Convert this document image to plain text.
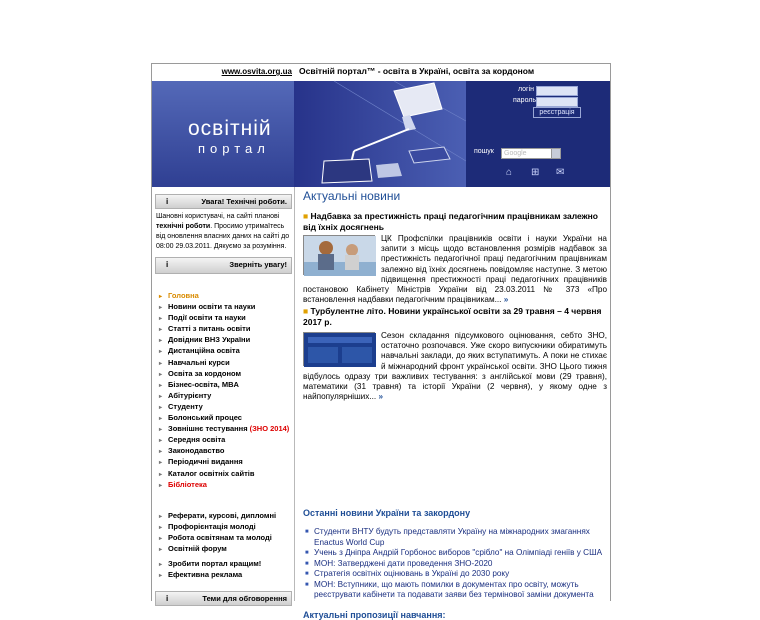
www.osvita.org.ua Освітній портал™ - освіта в Україні, освіта за кордоном
освітній
портал
логін
пароль
реєстрація
пошук	Google
⌂ ⊞ ✉
i	Увага! Технічні роботи.
Шановні користувачі, на сайті планові технічні роботи. Просимо утримаїтесь від оновлення власних даних на сайті до 08:00 29.03.2011. Дякуємо за розуміння.
i	Зверніть увагу!
▸ Головна
▸ Новини освіти та науки
▸ Події освіти та науки
▸ Статті з питань освіти
▸ Довідник ВНЗ України
▸ Дистанційна освіта
▸ Навчальні курси
▸ Освіта за кордоном
▸ Бізнес-освіта, MBA
▸ Абітурієнту
▸ Студенту
▸ Болонський процес
▸ Зовнішнє тестування (ЗНО 2014)
▸ Середня освіта
▸ Законодавство
▸ Періодичні видання
▸ Каталог освітніх сайтів
▸ Бібліотека
▸ Реферати, курсові, дипломні
▸ Профорієнтація молоді
▸ Робота освітянам та молоді
▸ Освітній форум
▸ Зробити портал кращим!
▸ Ефективна реклама
i	Теми для обговорення
Актуальні новини
■ Надбавка за престижність праці педагогічним працівникам залежно від їхніх досягнень
ЦК Профспілки працівників освіти і науки України на запити з місць щодо встановлення розмірів надбавок за престижність педагогічної праці педагогічним працівникам залежно від їхніх досягнень повідомляє наступне. З метою підвищення престижності праці педагогічних працівників постановою Кабінету Міністрів України від 23.03.2011 № 373 «Про встановлення надбавки педагогічним працівникам... »
■ Турбулентне літо. Новини української освіти за 29 травня – 4 червня 2017 р.
Сезон складання підсумкового оцінювання, себто ЗНО, остаточно розпочався. Уже скоро випускники обиратимуть навчальні заклади, до яких вступатимуть. А поки не стихає й міжнародний фронт української освіти. ЗНО Цього тижня відбулось одразу три важливих тестування: з англійської мови (29 травня), математики (31 травня) та історії України (2 червня), у якому одне з найпопулярніших... »
Останні новини України та закордону
■ Студенти ВНТУ будуть представляти Україну на міжнародних змаганнях Enactus World Cup
■ Учень з Дніпра Андрій Горбонос виборов "срібло" на Олімпіаді геніїв у США
■ МОН: Затверджені дати проведення ЗНО-2020
■ Стратегія освітніх оцінювань в Україні до 2030 року
■ МОН: Вступники, що мають помилки в документах про освіту, можуть реєструвати кабінети та подавати заяви без термінової заміни документа
Актуальні пропозиції навчання:
